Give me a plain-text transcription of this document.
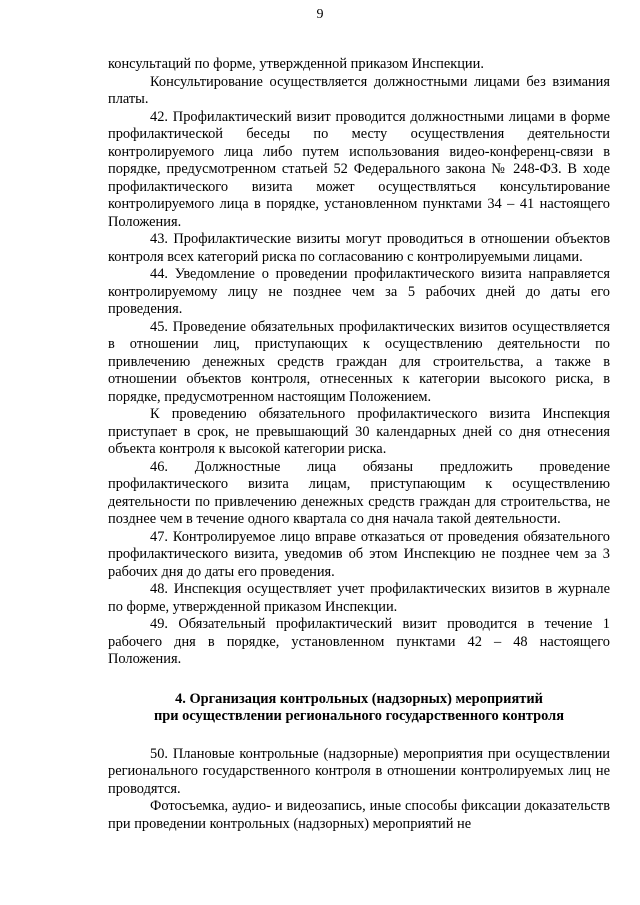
9

консультаций по форме, утвержденной приказом Инспекции.

Консультирование осуществляется должностными лицами без взимания платы.

42. Профилактический визит проводится должностными лицами в форме профилактической беседы по месту осуществления деятельности контролируемого лица либо путем использования видео-конференц-связи в порядке, предусмотренном статьей 52 Федерального закона № 248-ФЗ. В ходе профилактического визита может осуществляться консультирование контролируемого лица в порядке, установленном пунктами 34 – 41 настоящего Положения.

43. Профилактические визиты могут проводиться в отношении объектов контроля всех категорий риска по согласованию с контролируемыми лицами.

44. Уведомление о проведении профилактического визита направляется контролируемому лицу не позднее чем за 5 рабочих дней до даты его проведения.

45. Проведение обязательных профилактических визитов осуществляется в отношении лиц, приступающих к осуществлению деятельности по привлечению денежных средств граждан для строительства, а также в отношении объектов контроля, отнесенных к категории высокого риска, в порядке, предусмотренном настоящим Положением.

К проведению обязательного профилактического визита Инспекция приступает в срок, не превышающий 30 календарных дней со дня отнесения объекта контроля к высокой категории риска.

46. Должностные лица обязаны предложить проведение профилактического визита лицам, приступающим к осуществлению деятельности по привлечению денежных средств граждан для строительства, не позднее чем в течение одного квартала со дня начала такой деятельности.

47. Контролируемое лицо вправе отказаться от проведения обязательного профилактического визита, уведомив об этом Инспекцию не позднее чем за 3 рабочих дня до даты его проведения.

48. Инспекция осуществляет учет профилактических визитов в журнале по форме, утвержденной приказом Инспекции.

49. Обязательный профилактический визит проводится в течение 1 рабочего дня в порядке, установленном пунктами 42 – 48 настоящего Положения.

4. Организация контрольных (надзорных) мероприятий
при осуществлении регионального государственного контроля

50. Плановые контрольные (надзорные) мероприятия при осуществлении регионального государственного контроля в отношении контролируемых лиц не проводятся.

Фотосъемка, аудио- и видеозапись, иные способы фиксации доказательств при проведении контрольных (надзорных) мероприятий не
